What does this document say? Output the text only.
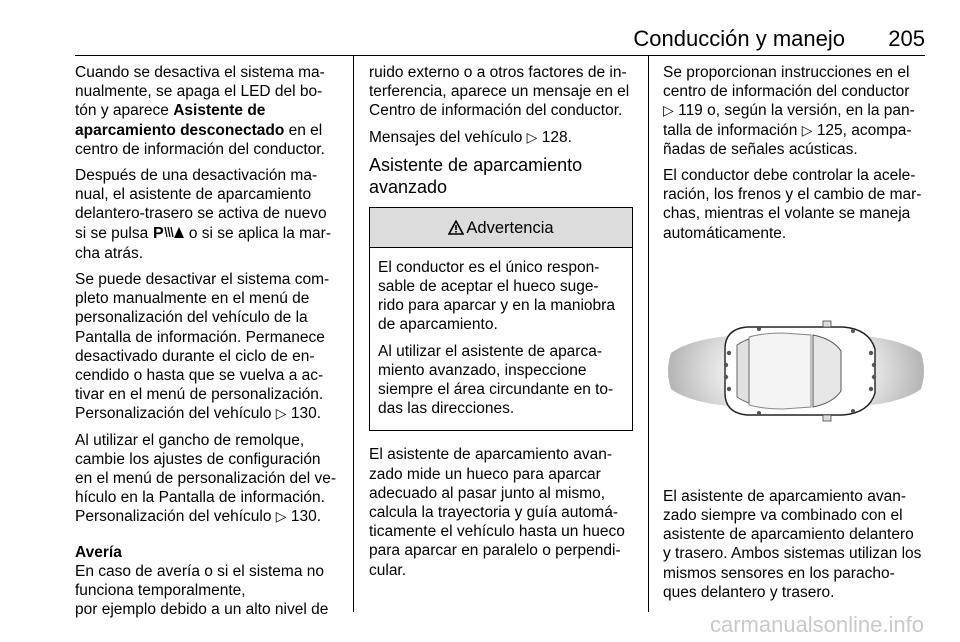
Conducción y manejo 205
Cuando se desactiva el sistema ma-
nualmente, se apaga el LED del bo-
tón y aparece Asistente de
aparcamiento desconectado en el
centro de información del conductor.
Después de una desactivación ma-
nual, el asistente de aparcamiento
delantero-trasero se activa de nuevo
si se pulsa P o si se aplica la mar-
cha atrás.
Se puede desactivar el sistema com-
pleto manualmente en el menú de
personalización del vehículo de la
Pantalla de información. Permanece
desactivado durante el ciclo de en-
cendido o hasta que se vuelva a ac-
tivar en el menú de personalización.
Personalización del vehículo ▷ 130.
Al utilizar el gancho de remolque,
cambie los ajustes de configuración
en el menú de personalización del ve-
hículo en la Pantalla de información.
Personalización del vehículo ▷ 130.
Avería
En caso de avería o si el sistema no
funciona temporalmente,
por ejemplo debido a un alto nivel de
ruido externo o a otros factores de in-
terferencia, aparece un mensaje en el
Centro de información del conductor.
Mensajes del vehículo ▷ 128.
Asistente de aparcamiento
avanzado
Advertencia
El conductor es el único respon-
sable de aceptar el hueco suge-
rido para aparcar y en la maniobra
de aparcamiento.
Al utilizar el asistente de aparca-
miento avanzado, inspeccione
siempre el área circundante en to-
das las direcciones.
El asistente de aparcamiento avan-
zado mide un hueco para aparcar
adecuado al pasar junto al mismo,
calcula la trayectoria y guía automá-
ticamente el vehículo hasta un hueco
para aparcar en paralelo o perpendi-
cular.
Se proporcionan instrucciones en el
centro de información del conductor
▷ 119 o, según la versión, en la pan-
talla de información ▷ 125, acompa-
ñadas de señales acústicas.
El conductor debe controlar la acele-
ración, los frenos y el cambio de mar-
chas, mientras el volante se maneja
automáticamente.
El asistente de aparcamiento avan-
zado siempre va combinado con el
asistente de aparcamiento delantero
y trasero. Ambos sistemas utilizan los
mismos sensores en los paracho-
ques delantero y trasero.
carmanualsonline.info
